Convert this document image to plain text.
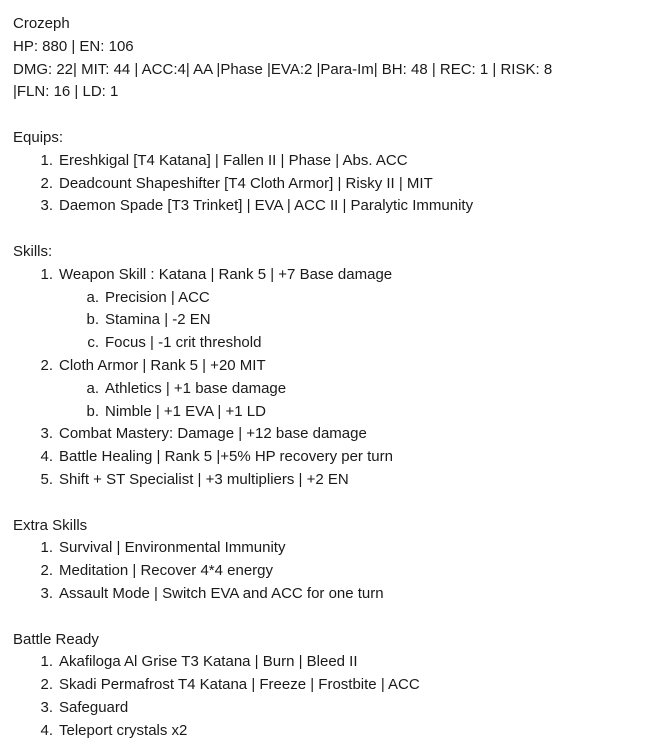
Crozeph
HP: 880 | EN: 106
DMG: 22| MIT: 44 | ACC:4| AA |Phase |EVA:2 |Para-Im| BH: 48 | REC: 1 | RISK: 8
|FLN: 16 | LD: 1
Equips:
1. Ereshkigal [T4 Katana] | Fallen II | Phase | Abs. ACC
2. Deadcount Shapeshifter [T4 Cloth Armor] | Risky II | MIT
3. Daemon Spade [T3 Trinket] | EVA | ACC II | Paralytic Immunity
Skills:
1. Weapon Skill : Katana | Rank 5 | +7 Base damage
a. Precision | ACC
b. Stamina | -2 EN
c. Focus | -1 crit threshold
2. Cloth Armor | Rank 5 | +20 MIT
a. Athletics | +1 base damage
b. Nimble | +1 EVA | +1 LD
3. Combat Mastery: Damage | +12 base damage
4. Battle Healing | Rank 5 |+5% HP recovery per turn
5. Shift + ST Specialist | +3 multipliers | +2 EN
Extra Skills
1. Survival | Environmental Immunity
2. Meditation | Recover 4*4 energy
3. Assault Mode | Switch EVA and ACC for one turn
Battle Ready
1. Akafiloga Al Grise T3 Katana | Burn | Bleed II
2. Skadi Permafrost T4 Katana | Freeze | Frostbite | ACC
3. Safeguard
4. Teleport crystals x2
